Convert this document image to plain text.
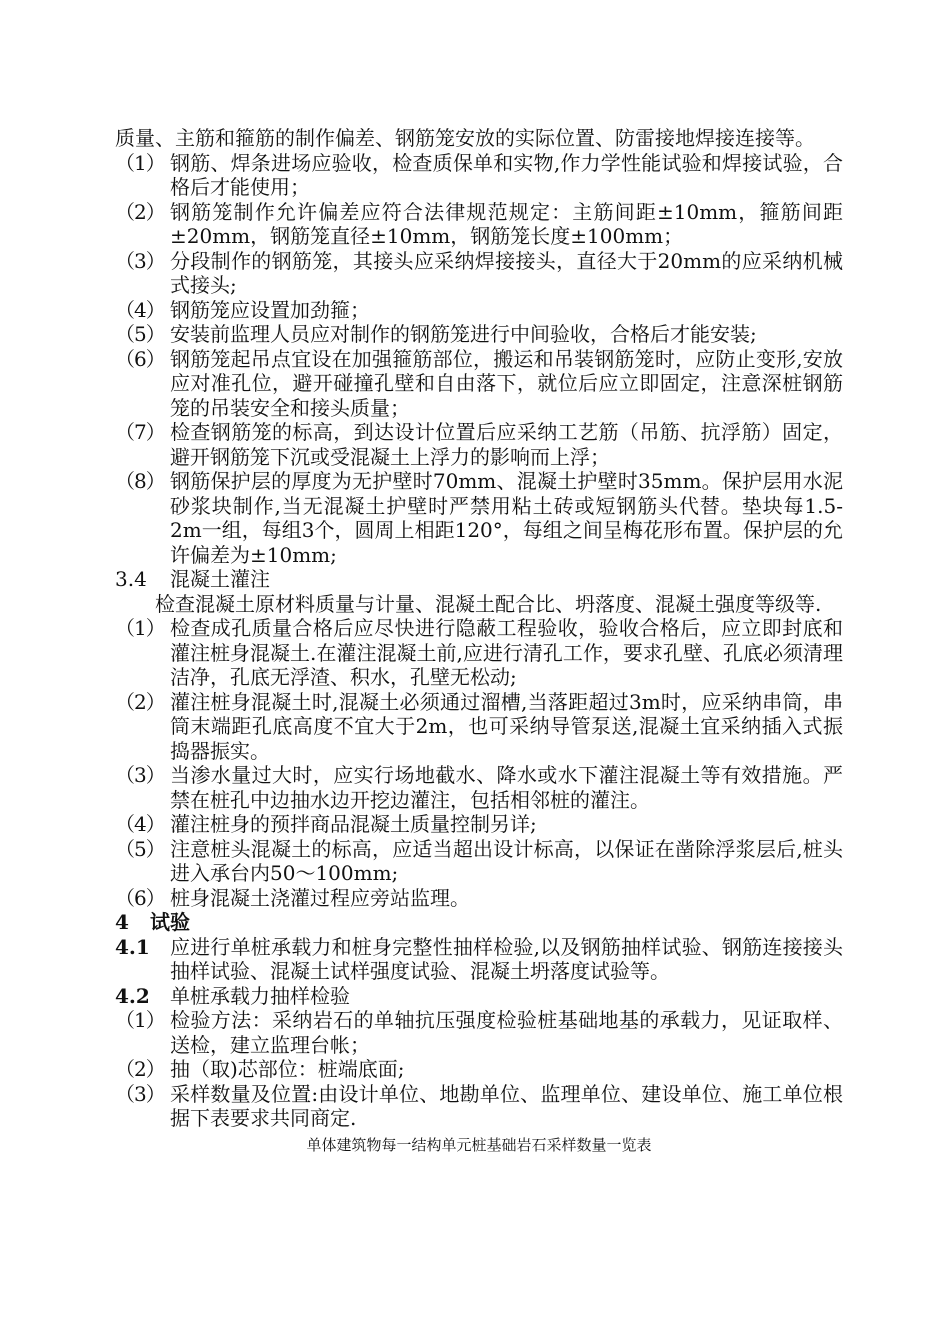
质量、主筋和箍筋的制作偏差、钢筋笼安放的实际位置、防雷接地焊接连接等。

（1） 钢筋、焊条进场应验收，检查质保单和实物,作力学性能试验和焊接试验，合格后才能使用；
（2） 钢筋笼制作允许偏差应符合法律规范规定：主筋间距±10mm，箍筋间距±20mm，钢筋笼直径±10mm，钢筋笼长度±100mm；
（3） 分段制作的钢筋笼，其接头应采纳焊接接头，直径大于20mm的应采纳机械式接头;
（4） 钢筋笼应设置加劲箍；
（5） 安装前监理人员应对制作的钢筋笼进行中间验收，合格后才能安装;
（6） 钢筋笼起吊点宜设在加强箍筋部位，搬运和吊装钢筋笼时，应防止变形,安放应对准孔位，避开碰撞孔壁和自由落下，就位后应立即固定，注意深桩钢筋笼的吊装安全和接头质量；
（7） 检查钢筋笼的标高，到达设计位置后应采纳工艺筋（吊筋、抗浮筋）固定，避开钢筋笼下沉或受混凝土上浮力的影响而上浮；
（8） 钢筋保护层的厚度为无护壁时70mm、混凝土护壁时35mm。保护层用水泥砂浆块制作,当无混凝土护壁时严禁用粘土砖或短钢筋头代替。垫块每1.5-2m一组，每组3个，圆周上相距120°，每组之间呈梅花形布置。保护层的允许偏差为±10mm;
3.4	混凝土灌注

检查混凝土原材料质量与计量、混凝土配合比、坍落度、混凝土强度等级等.

（1） 检查成孔质量合格后应尽快进行隐蔽工程验收，验收合格后，应立即封底和灌注桩身混凝土.在灌注混凝土前,应进行清孔工作，要求孔壁、孔底必须清理洁净，孔底无浮渣、积水，孔壁无松动;
（2） 灌注桩身混凝土时,混凝土必须通过溜槽,当落距超过3m时，应采纳串筒，串筒末端距孔底高度不宜大于2m，也可采纳导管泵送,混凝土宜采纳插入式振捣器振实。
（3） 当渗水量过大时，应实行场地截水、降水或水下灌注混凝土等有效措施。严禁在桩孔中边抽水边开挖边灌注，包括相邻桩的灌注。
（4） 灌注桩身的预拌商品混凝土质量控制另详;
（5） 注意桩头混凝土的标高，应适当超出设计标高，以保证在凿除浮浆层后,桩头进入承台内50～100mm;
（6） 桩身混凝土浇灌过程应旁站监理。
4	试验
4.1	应进行单桩承载力和桩身完整性抽样检验,以及钢筋抽样试验、钢筋连接接头抽样试验、混凝土试样强度试验、混凝土坍落度试验等。
4.2	单桩承载力抽样检验
（1） 检验方法：采纳岩石的单轴抗压强度检验桩基础地基的承载力，见证取样、送检，建立监理台帐；
（2） 抽（取)芯部位：桩端底面;
（3） 采样数量及位置:由设计单位、地勘单位、监理单位、建设单位、施工单位根据下表要求共同商定.
单体建筑物每一结构单元桩基础岩石采样数量一览表
